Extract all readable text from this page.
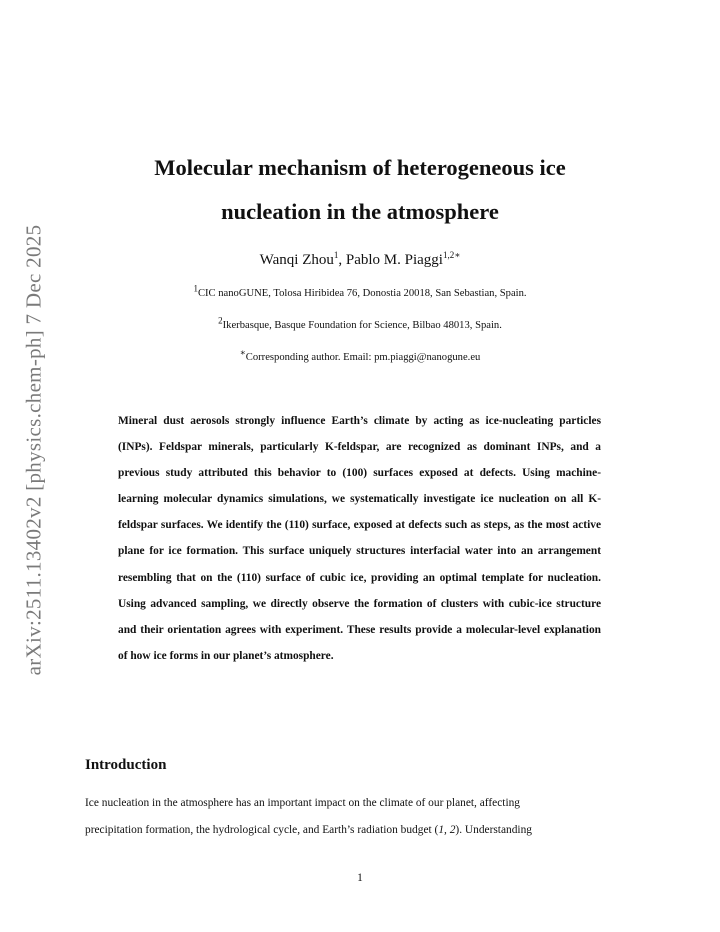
arXiv:2511.13402v2 [physics.chem-ph] 7 Dec 2025
Molecular mechanism of heterogeneous ice
nucleation in the atmosphere
Wanqi Zhou$^1$, Pablo M. Piaggi$^{1,2∗}$
$^1$CIC nanoGUNE, Tolosa Hiribidea 76, Donostia 20018, San Sebastian, Spain.
$^2$Ikerbasque, Basque Foundation for Science, Bilbao 48013, Spain.
∗Corresponding author. Email: pm.piaggi@nanogune.eu

Mineral dust aerosols strongly influence Earth’s climate by acting as ice-nucleating particles (INPs). Feldspar minerals, particularly K-feldspar, are recognized as dominant INPs, and a previous study attributed this behavior to (100) surfaces exposed at defects. Using machine-learning molecular dynamics simulations, we systematically investigate ice nucleation on all K-feldspar surfaces. We identify the (110) surface, exposed at defects such as steps, as the most active plane for ice formation. This surface uniquely structures interfacial water into an arrangement resembling that on the (110) surface of cubic ice, providing an optimal template for nucleation. Using advanced sampling, we directly observe the formation of clusters with cubic-ice structure and their orientation agrees with experiment. These results provide a molecular-level explanation of how ice forms in our planet’s atmosphere.

Introduction

Ice nucleation in the atmosphere has an important impact on the climate of our planet, affecting
precipitation formation, the hydrological cycle, and Earth’s radiation budget (1, 2). Understanding

1
